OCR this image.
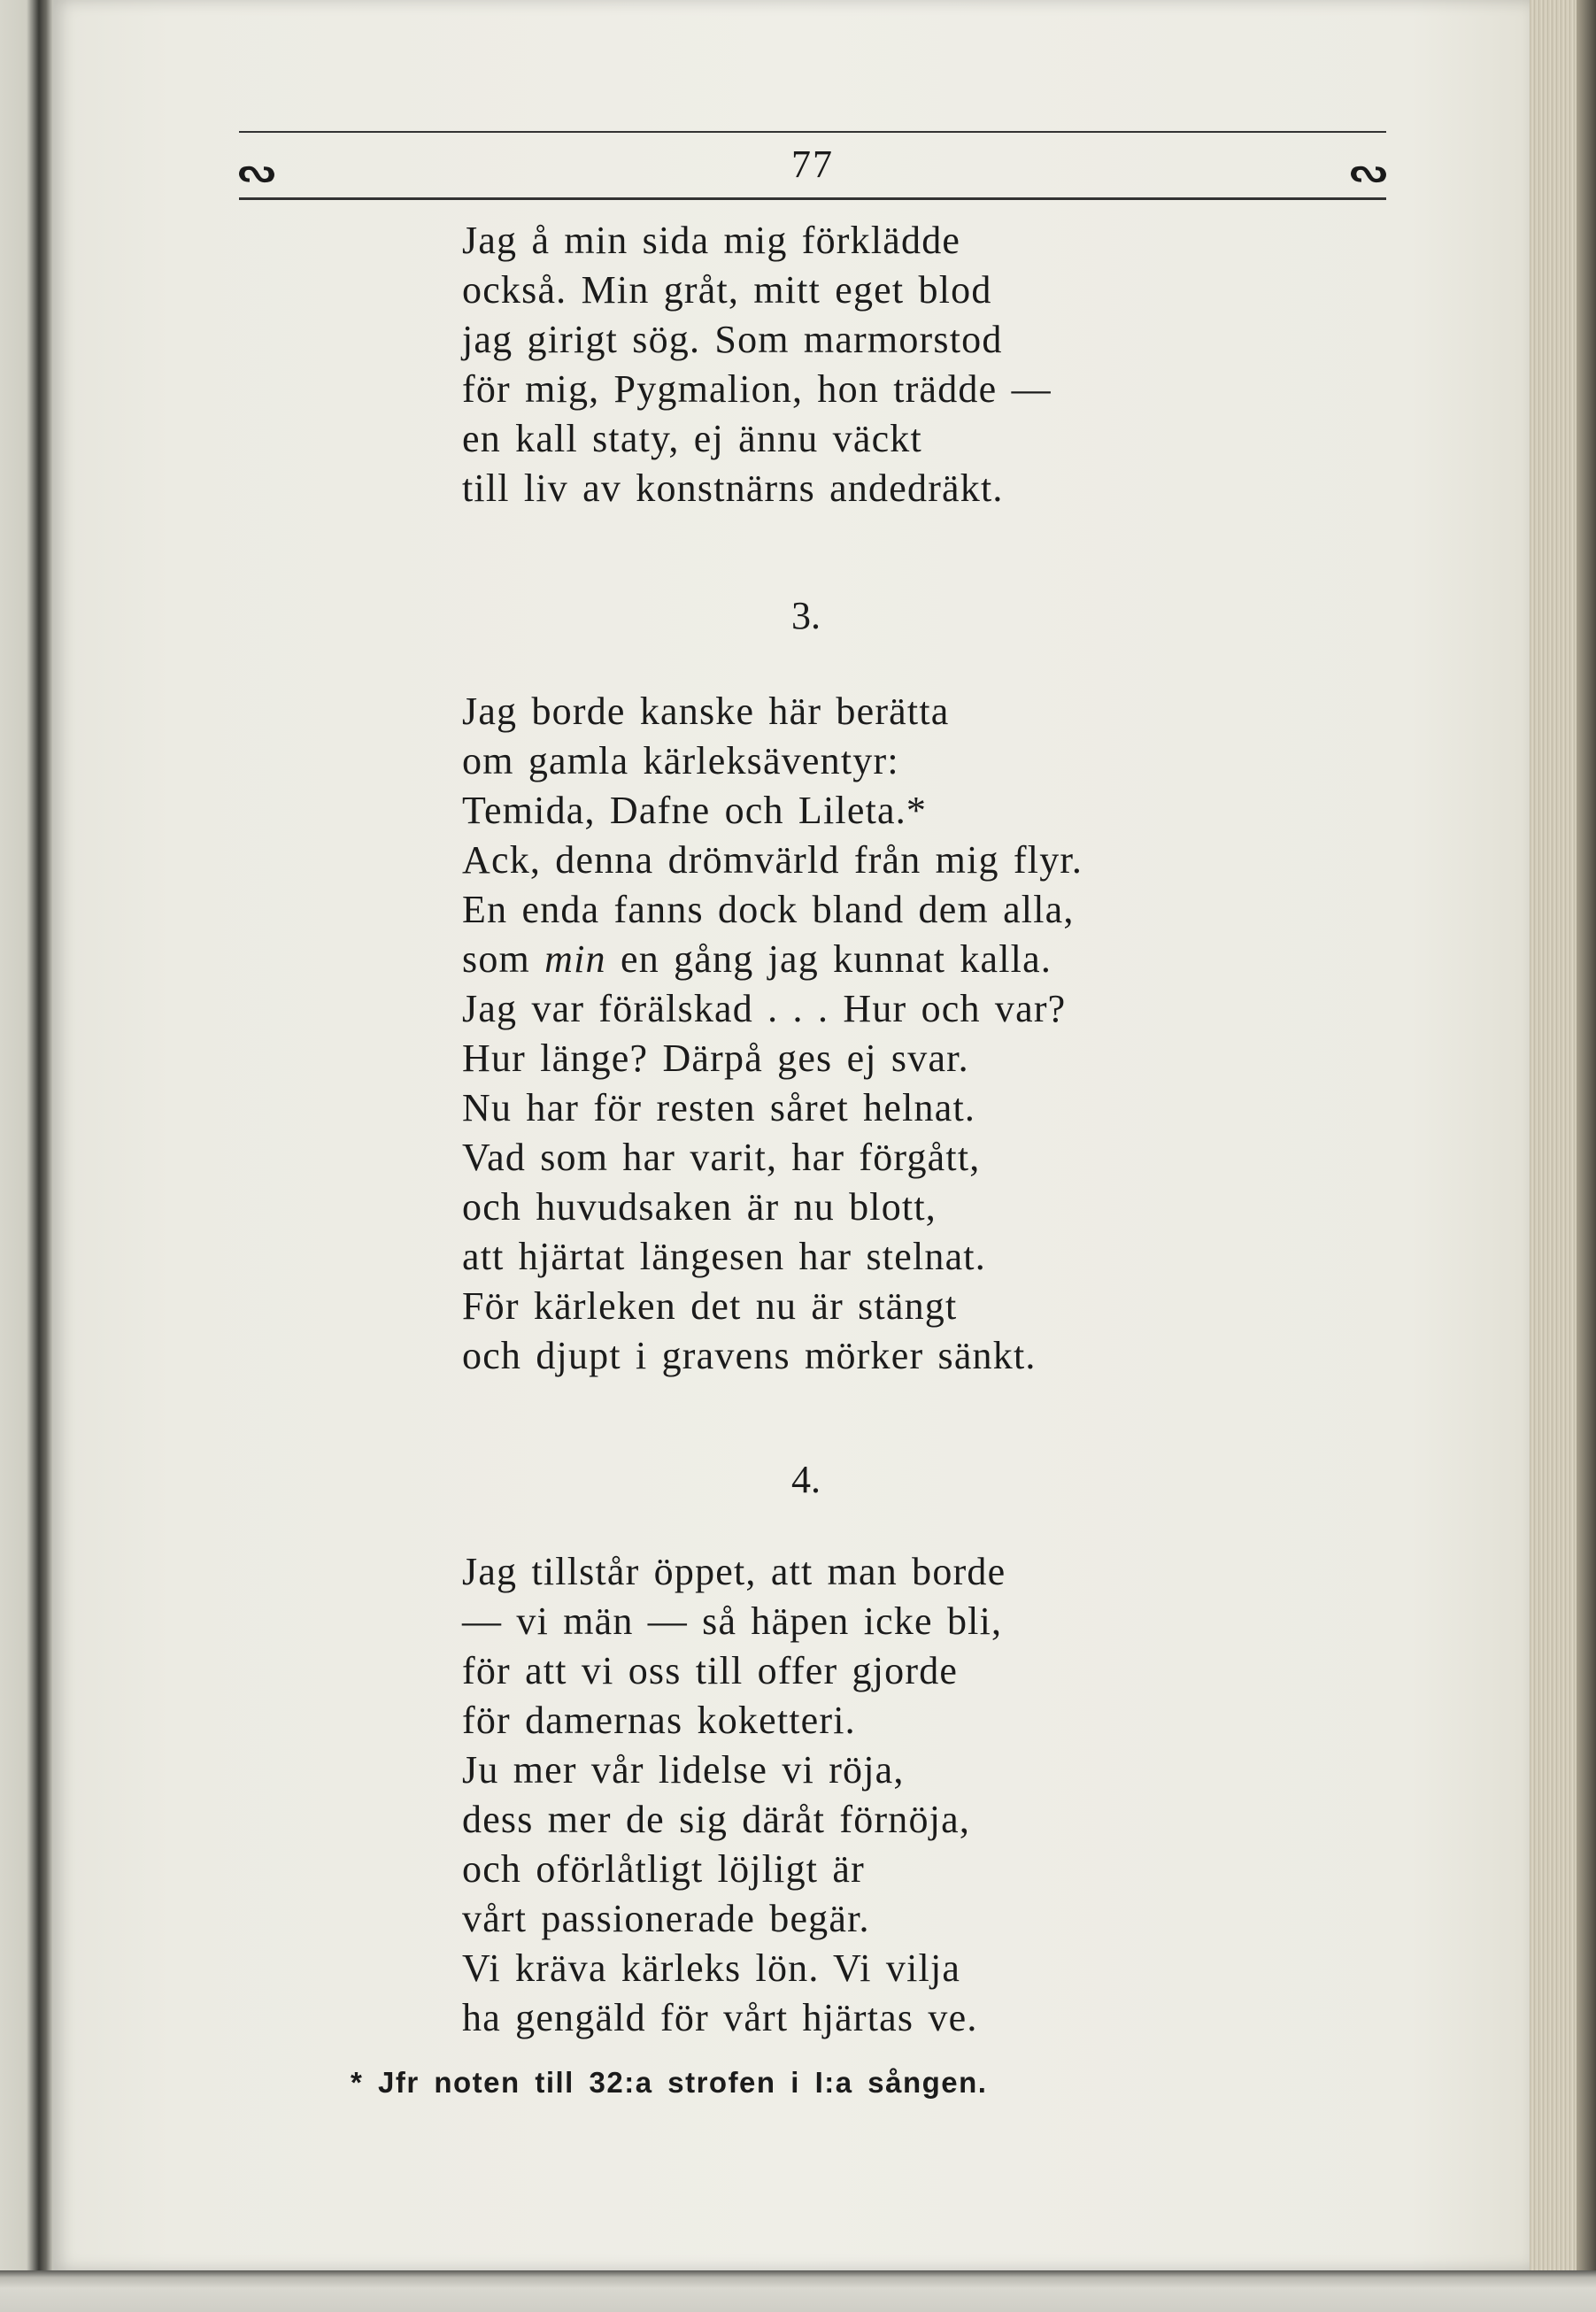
ᔓ	77	ᔓ
Jag å min sida mig förklädde
också. Min gråt, mitt eget blod
jag girigt sög. Som marmorstod
för mig, Pygmalion, hon trädde —
en kall staty, ej ännu väckt
till liv av konstnärns andedräkt.
3.
Jag borde kanske här berätta
om gamla kärleksäventyr:
Temida, Dafne och Lileta.*
Ack, denna drömvärld från mig flyr.
En enda fanns dock bland dem alla,
som min en gång jag kunnat kalla.
Jag var förälskad . . . Hur och var?
Hur länge? Därpå ges ej svar.
Nu har för resten såret helnat.
Vad som har varit, har förgått,
och huvudsaken är nu blott,
att hjärtat längesen har stelnat.
För kärleken det nu är stängt
och djupt i gravens mörker sänkt.
4.
Jag tillstår öppet, att man borde
— vi män — så häpen icke bli,
för att vi oss till offer gjorde
för damernas koketteri.
Ju mer vår lidelse vi röja,
dess mer de sig däråt förnöja,
och oförlåtligt löjligt är
vårt passionerade begär.
Vi kräva kärleks lön. Vi vilja
ha gengäld för vårt hjärtas ve.
* Jfr noten till 32:a strofen i I:a sången.
